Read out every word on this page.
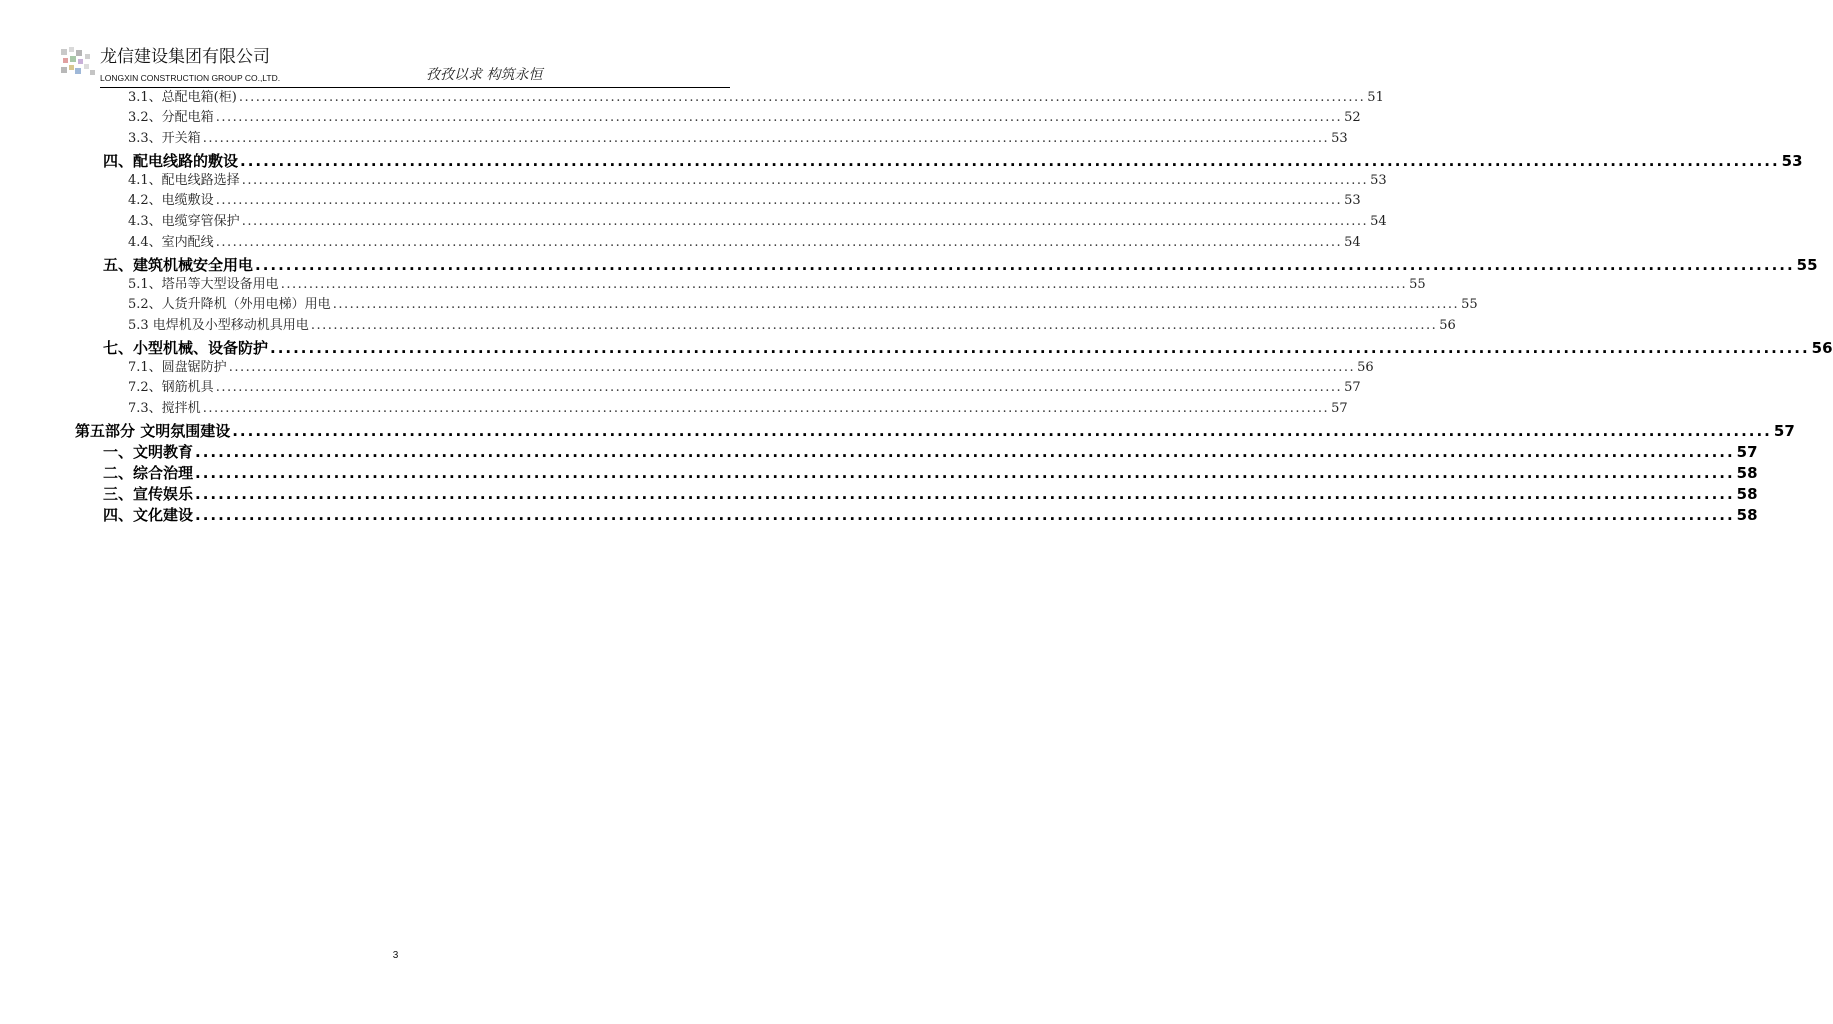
龙信建设集团有限公司
LONGXIN CONSTRUCTION GROUP CO.,LTD.	孜孜以求 构筑永恒
3.1、总配电箱(柜) ........................................................................................................................................................................................................ 51
3.2、分配电箱 ........................................................................................................................................................................................................ 52
3.3、开关箱 ........................................................................................................................................................................................................ 53
四、配电线路的敷设 ........................................................................................................................................................................................................ 53
4.1、配电线路选择 ........................................................................................................................................................................................................ 53
4.2、电缆敷设 ........................................................................................................................................................................................................ 53
4.3、电缆穿管保护 ........................................................................................................................................................................................................ 54
4.4、室内配线 ........................................................................................................................................................................................................ 54
五、建筑机械安全用电 ........................................................................................................................................................................................................ 55
5.1、塔吊等大型设备用电 ........................................................................................................................................................................................................ 55
5.2、人货升降机（外用电梯）用电 ........................................................................................................................................................................................................ 55
5.3 电焊机及小型移动机具用电 ........................................................................................................................................................................................................ 56
七、小型机械、设备防护 ........................................................................................................................................................................................................ 56
7.1、圆盘锯防护 ........................................................................................................................................................................................................ 56
7.2、钢筋机具 ........................................................................................................................................................................................................ 57
7.3、搅拌机 ........................................................................................................................................................................................................ 57
第五部分 文明氛围建设 ........................................................................................................................................................................................................ 57
一、文明教育 ........................................................................................................................................................................................................ 57
二、综合治理 ........................................................................................................................................................................................................ 58
三、宣传娱乐 ........................................................................................................................................................................................................ 58
四、文化建设 ........................................................................................................................................................................................................ 58
3
